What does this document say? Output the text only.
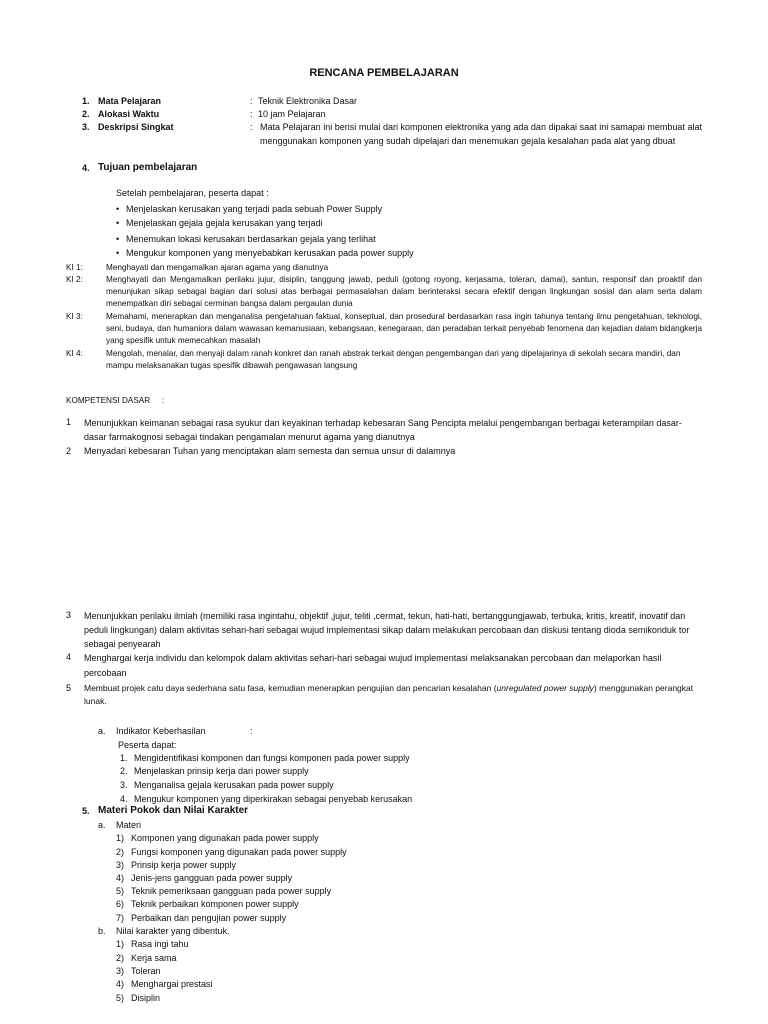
RENCANA PEMBELAJARAN
1. Mata Pelajaran	: Teknik Elektronika Dasar
2. Alokasi Waktu	: 10 jam Pelajaran
3. Deskripsi Singkat	: Mata Pelajaran ini berisi mulai dari komponen elektronika yang ada dan dipakai saat ini samapai membuat alat menggunakan komponen yang sudah dipelajari dan menemukan gejala kesalahan pada alat yang dbuat
4. Tujuan pembelajaran
Setelah pembelajaran, peserta dapat :
• Menjelaskan kerusakan yang terjadi pada sebuah Power Supply
• Menjelaskan gejala gejala kerusakan yang terjadi
• Menemukan lokasi kerusakan berdasarkan gejala yang terlihat
• Mengukur komponen yang menyebabkan kerusakan pada power supply
KI 1:	Menghayati dan mengamalkan ajaran agama yang dianutnya
KI 2:	Menghayati dan Mengamalkan perilaku jujur, disiplin, tanggung jawab, peduli (gotong royong, kerjasama, toleran, damai), santun, responsif dan proaktif dan menunjukan sikap sebagai bagian dari solusi atas berbagai permasalahan dalam berinteraksi secara efektif dengan lingkungan sosial dan alam serta dalam menempatkan diri sebagai cerminan bangsa dalam pergaulan dunia
KI 3:	Memahami, menerapkan dan menganalisa pengetahuan faktual, konseptual, dan prosedural berdasarkan rasa ingin tahunya tentang ilmu pengetahuan, teknologi, seni, budaya, dan humaniora dalam wawasan kemanusiaan, kebangsaan, kenegaraan, dan peradaban terkait penyebab fenomena dan kejadian dalam bidangkerja yang spesifik untuk memecahkan masalah
KI 4:	Mengolah, menalar, dan menyaji dalam ranah konkret dan ranah abstrak terkait dengan pengembangan dari yang dipelajarinya di sekolah secara mandiri, dan mampu melaksanakan tugas spesifik dibawah pengawasan langsung
KOMPETENSI DASAR :
1 Menunjukkan keimanan sebagai rasa syukur dan keyakinan terhadap kebesaran Sang Pencipta melalui pengembangan berbagai keterampilan dasar-dasar farmakognosi sebagai tindakan pengamalan menurut agama yang dianutnya
2 Menyadari kebesaran Tuhan yang menciptakan alam semesta dan semua unsur di dalamnya
3 Menunjukkan perilaku ilmiah (memiliki rasa ingintahu, objektif ,jujur, teliti ,cermat, tekun, hati-hati, bertanggungjawab, terbuka, kritis, kreatif, inovatif dan peduli lingkungan) dalam aktivitas sehari-hari sebagai wujud implementasi sikap dalam melakukan percobaan dan diskusi tentang dioda semikonduk tor sebagai penyearah
4 Menghargai kerja individu dan kelompok dalam aktivitas sehari-hari sebagai wujud implementasi melaksanakan percobaan dan melaporkan hasil percobaan
5 Membuat projek catu daya sederhana satu fasa, kemudian menerapkan pengujian dan pencarian kesalahan (unregulated power supply) menggunakan perangkat lunak.
a. Indikator Keberhasilan	:
Peserta dapat:
1. Mengidentifikasi komponen dan fungsi komponen pada power supply
2. Menjelaskan prinsip kerja dari power supply
3. Menganalisa gejala kerusakan pada power supply
4. Mengukur komponen yang diperkirakan sebagai penyebab kerusakan
5. Materi Pokok dan Nilai Karakter
a. Materi
1) Komponen yang digunakan pada power supply
2) Fungsi komponen yang digunakan pada power supply
3) Prinsip kerja power supply
4) Jenis-jens gangguan pada power supply
5) Teknik pemeriksaan gangguan pada power supply
6) Teknik perbaikan komponen power supply
7) Perbaikan dan pengujian power supply
b. Nilai karakter yang dibentuk.
1) Rasa ingi tahu
2) Kerja sama
3) Toleran
4) Menghargai prestasi
5) Disiplin
